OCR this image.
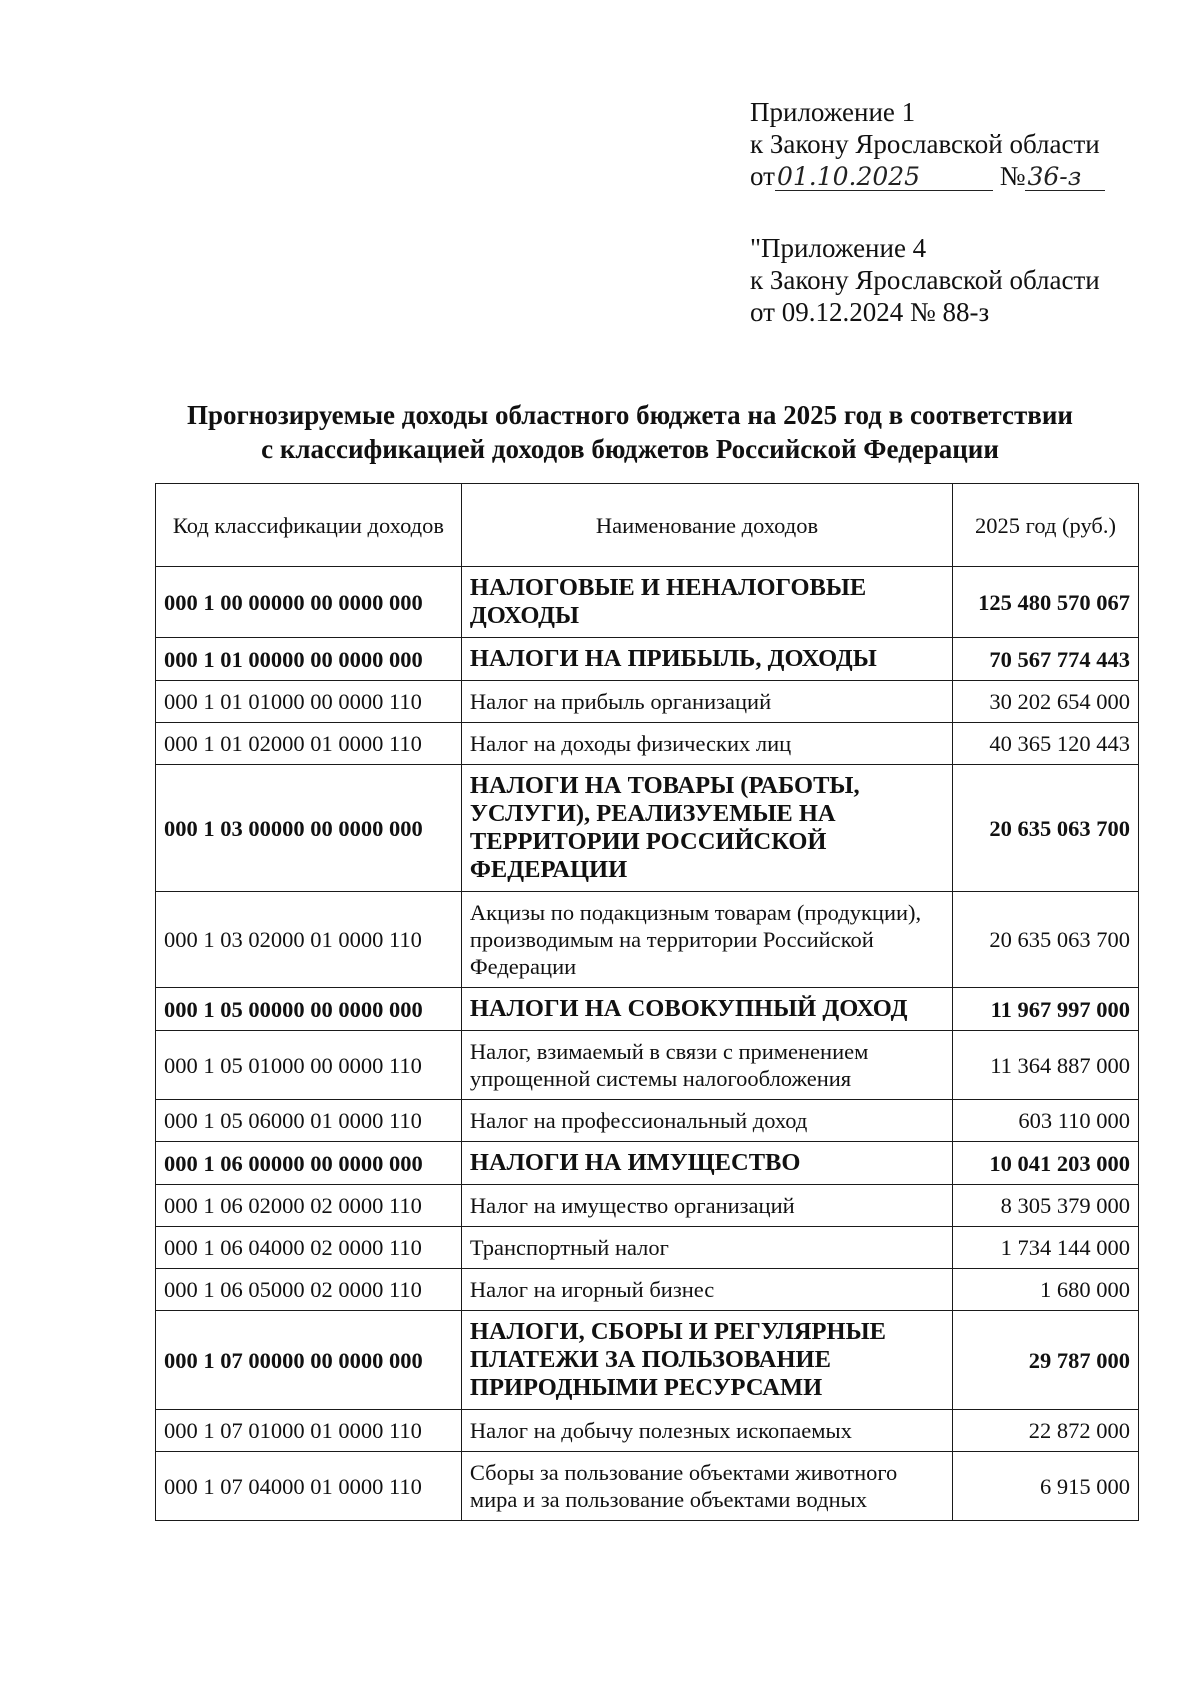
Приложение 1

к Закону Ярославской области

от01.10.2025	№36-з

"Приложение 4

к Закону Ярославской области

от 09.12.2024 № 88-з

Прогнозируемые доходы областного бюджета на 2025 год в соответствии

с классификацией доходов бюджетов Российской Федерации

Код классификации доходов	Наименование доходов	2025 год (руб.)
000 1 00 00000 00 0000 000	НАЛОГОВЫЕ И НЕНАЛОГОВЫЕ ДОХОДЫ	125 480 570 067
000 1 01 00000 00 0000 000	НАЛОГИ НА ПРИБЫЛЬ, ДОХОДЫ	70 567 774 443
000 1 01 01000 00 0000 110	Налог на прибыль организаций	30 202 654 000
000 1 01 02000 01 0000 110	Налог на доходы физических лиц	40 365 120 443
000 1 03 00000 00 0000 000	НАЛОГИ НА ТОВАРЫ (РАБОТЫ, УСЛУГИ), РЕАЛИЗУЕМЫЕ НА ТЕРРИТОРИИ РОССИЙСКОЙ ФЕДЕРАЦИИ	20 635 063 700
000 1 03 02000 01 0000 110	Акцизы по подакцизным товарам (продукции), производимым на территории Российской Федерации	20 635 063 700
000 1 05 00000 00 0000 000	НАЛОГИ НА СОВОКУПНЫЙ ДОХОД	11 967 997 000
000 1 05 01000 00 0000 110	Налог, взимаемый в связи с применением упрощенной системы налогообложения	11 364 887 000
000 1 05 06000 01 0000 110	Налог на профессиональный доход	603 110 000
000 1 06 00000 00 0000 000	НАЛОГИ НА ИМУЩЕСТВО	10 041 203 000
000 1 06 02000 02 0000 110	Налог на имущество организаций	8 305 379 000
000 1 06 04000 02 0000 110	Транспортный налог	1 734 144 000
000 1 06 05000 02 0000 110	Налог на игорный бизнес	1 680 000
000 1 07 00000 00 0000 000	НАЛОГИ, СБОРЫ И РЕГУЛЯРНЫЕ ПЛАТЕЖИ ЗА ПОЛЬЗОВАНИЕ ПРИРОДНЫМИ РЕСУРСАМИ	29 787 000
000 1 07 01000 01 0000 110	Налог на добычу полезных ископаемых	22 872 000
000 1 07 04000 01 0000 110	Сборы за пользование объектами животного мира и за пользование объектами водных	6 915 000
